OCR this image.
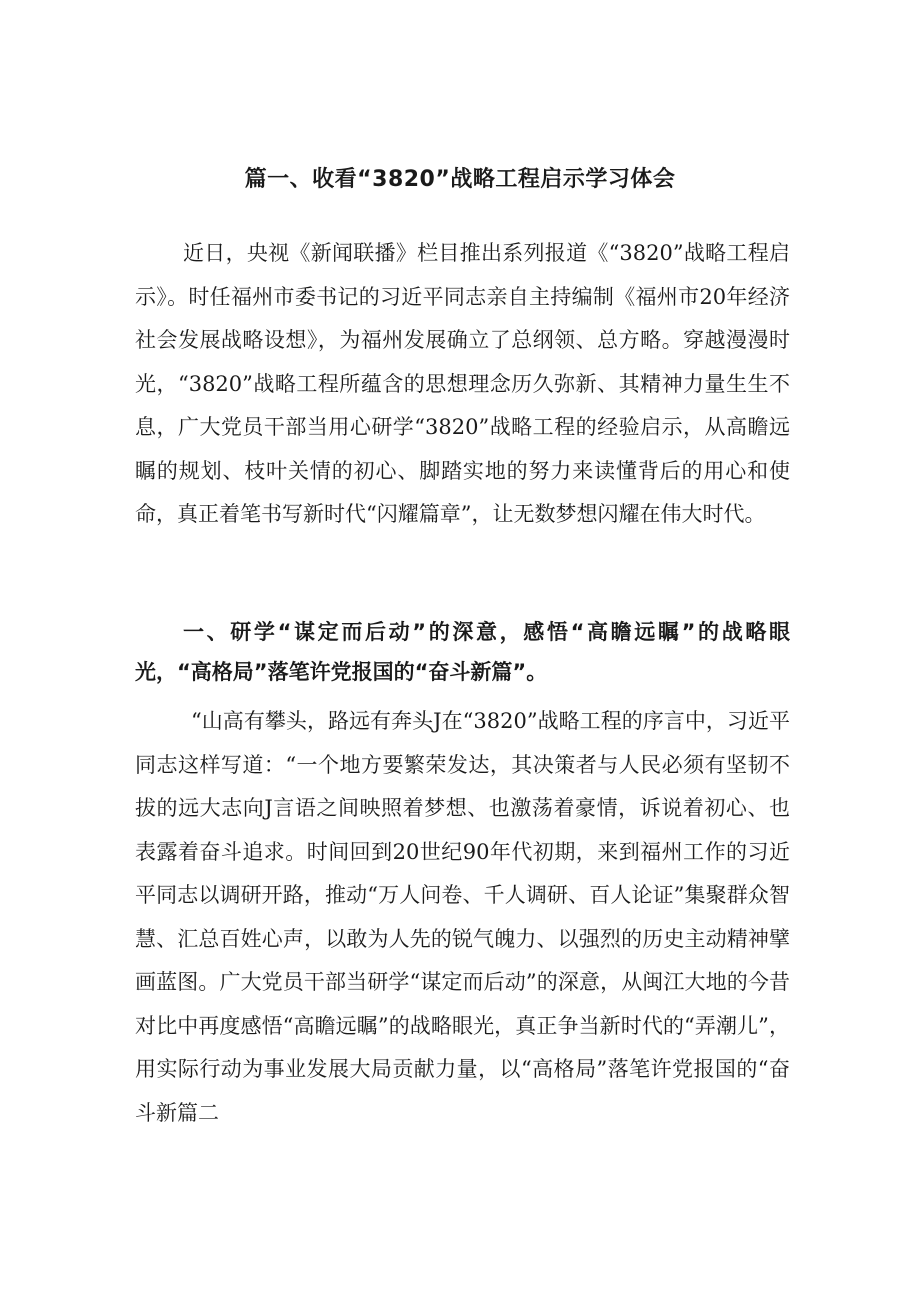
篇一、收看“3820”战略工程启示学习体会
近日，央视《新闻联播》栏目推出系列报道《“3820”战略工程启示》。时任福州市委书记的习近平同志亲自主持编制《福州市20年经济社会发展战略设想》，为福州发展确立了总纲领、总方略。穿越漫漫时光，“3820”战略工程所蕴含的思想理念历久弥新、其精神力量生生不息，广大党员干部当用心研学“3820”战略工程的经验启示，从高瞻远瞩的规划、枝叶关情的初心、脚踏实地的努力来读懂背后的用心和使命，真正着笔书写新时代“闪耀篇章”，让无数梦想闪耀在伟大时代。
一、研学“谋定而后动”的深意，感悟“高瞻远瞩”的战略眼光，“高格局”落笔许党报国的“奋斗新篇”。
“山高有攀头，路远有奔头J在“3820”战略工程的序言中，习近平同志这样写道：“一个地方要繁荣发达，其决策者与人民必须有坚韧不拔的远大志向J言语之间映照着梦想、也激荡着豪情，诉说着初心、也表露着奋斗追求。时间回到20世纪90年代初期，来到福州工作的习近平同志以调研开路，推动“万人问卷、千人调研、百人论证”集聚群众智慧、汇总百姓心声，以敢为人先的锐气魄力、以强烈的历史主动精神擘画蓝图。广大党员干部当研学“谋定而后动”的深意，从闽江大地的今昔对比中再度感悟“高瞻远瞩”的战略眼光，真正争当新时代的“弄潮儿”，用实际行动为事业发展大局贡献力量，以“高格局”落笔许党报国的“奋斗新篇二
